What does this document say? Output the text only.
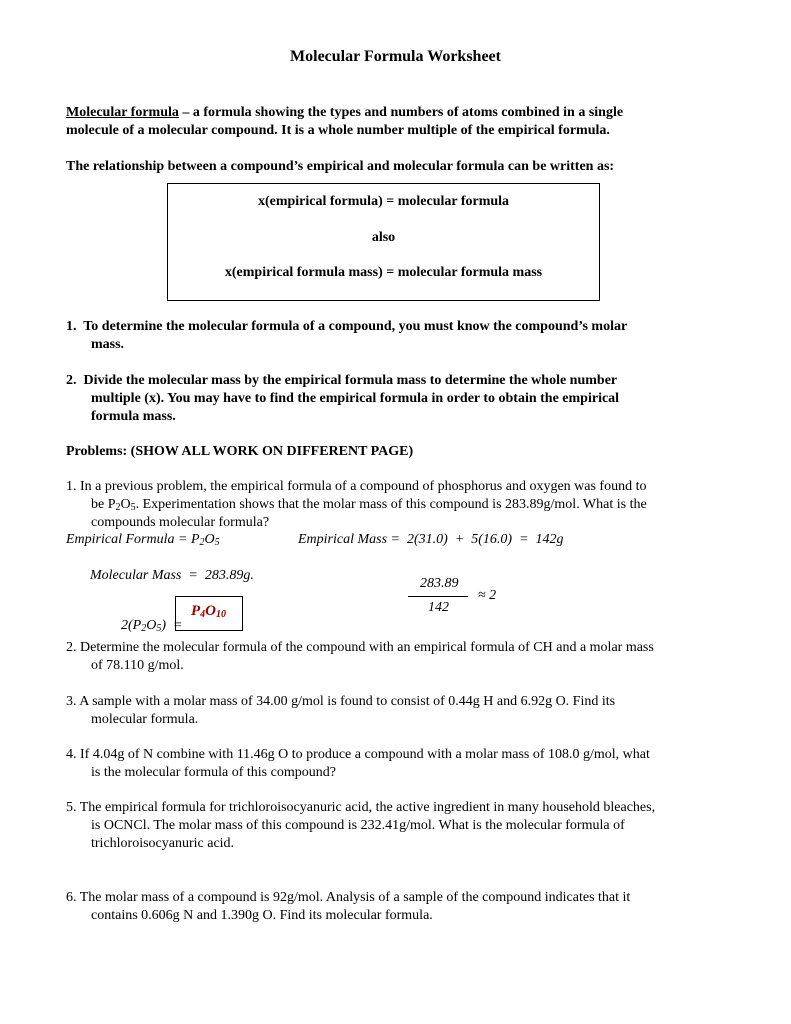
Molecular Formula Worksheet
Molecular formula – a formula showing the types and numbers of atoms combined in a single
molecule of a molecular compound. It is a whole number multiple of the empirical formula.
The relationship between a compound’s empirical and molecular formula can be written as:
x(empirical formula) = molecular formula
also
x(empirical formula mass) = molecular formula mass
1. To determine the molecular formula of a compound, you must know the compound’s molar
mass.
2. Divide the molecular mass by the empirical formula mass to determine the whole number
multiple (x). You may have to find the empirical formula in order to obtain the empirical
formula mass.
Problems: (SHOW ALL WORK ON DIFFERENT PAGE)
1. In a previous problem, the empirical formula of a compound of phosphorus and oxygen was found to
be $P_2O_5$. Experimentation shows that the molar mass of this compound is 283.89g/mol. What is the
compounds molecular formula?
Empirical Formula = $P_2O_5$	Empirical Mass =  2(31.0)  +  5(16.0)  =  142g
Molecular Mass  =  283.89g.
283.89
142
≈ 2

$2(P_2O_5)$  =

$P_4O_{10}$
2. Determine the molecular formula of the compound with an empirical formula of CH and a molar mass
of 78.110 g/mol.
3. A sample with a molar mass of 34.00 g/mol is found to consist of 0.44g H and 6.92g O. Find its
molecular formula.
4. If 4.04g of N combine with 11.46g O to produce a compound with a molar mass of 108.0 g/mol, what
is the molecular formula of this compound?
5. The empirical formula for trichloroisocyanuric acid, the active ingredient in many household bleaches,
is OCNCl. The molar mass of this compound is 232.41g/mol. What is the molecular formula of
trichloroisocyanuric acid.
6. The molar mass of a compound is 92g/mol. Analysis of a sample of the compound indicates that it
contains 0.606g N and 1.390g O. Find its molecular formula.
